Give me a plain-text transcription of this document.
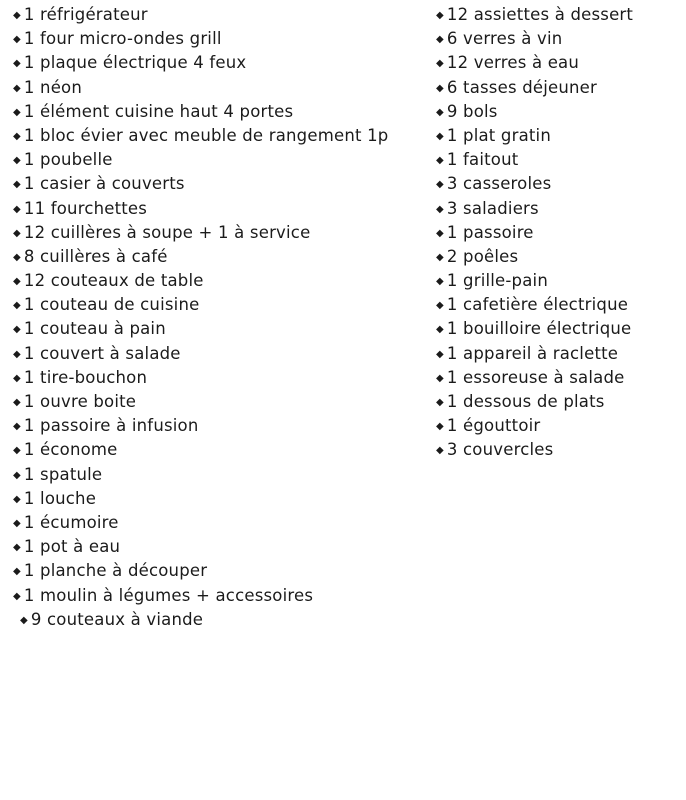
◆ 1 réfrigérateur
◆ 1 four micro-ondes grill
◆ 1 plaque électrique 4 feux
◆ 1 néon
◆ 1 élément cuisine haut 4 portes
◆ 1 bloc évier avec meuble de rangement 1p
◆ 1 poubelle
◆ 1 casier à couverts
◆ 11 fourchettes
◆ 12 cuillères à soupe + 1 à service
◆ 8 cuillères à café
◆ 12 couteaux de table
◆ 1 couteau de cuisine
◆ 1 couteau à pain
◆ 1 couvert à salade
◆ 1 tire-bouchon
◆ 1 ouvre boite
◆ 1 passoire à infusion
◆ 1 économe
◆ 1 spatule
◆ 1 louche
◆ 1 écumoire
◆ 1 pot à eau
◆ 1 planche à découper
◆ 1 moulin à légumes + accessoires
◆ 9 couteaux à viande
◆ 12 assiettes à dessert
◆ 6 verres à vin
◆ 12 verres à eau
◆ 6 tasses déjeuner
◆ 9 bols
◆ 1 plat gratin
◆ 1 faitout
◆ 3 casseroles
◆ 3 saladiers
◆ 1 passoire
◆ 2 poêles
◆ 1 grille-pain
◆ 1 cafetière électrique
◆ 1 bouilloire électrique
◆ 1 appareil à raclette
◆ 1 essoreuse à salade
◆ 1 dessous de plats
◆ 1 égouttoir
◆ 3 couvercles
